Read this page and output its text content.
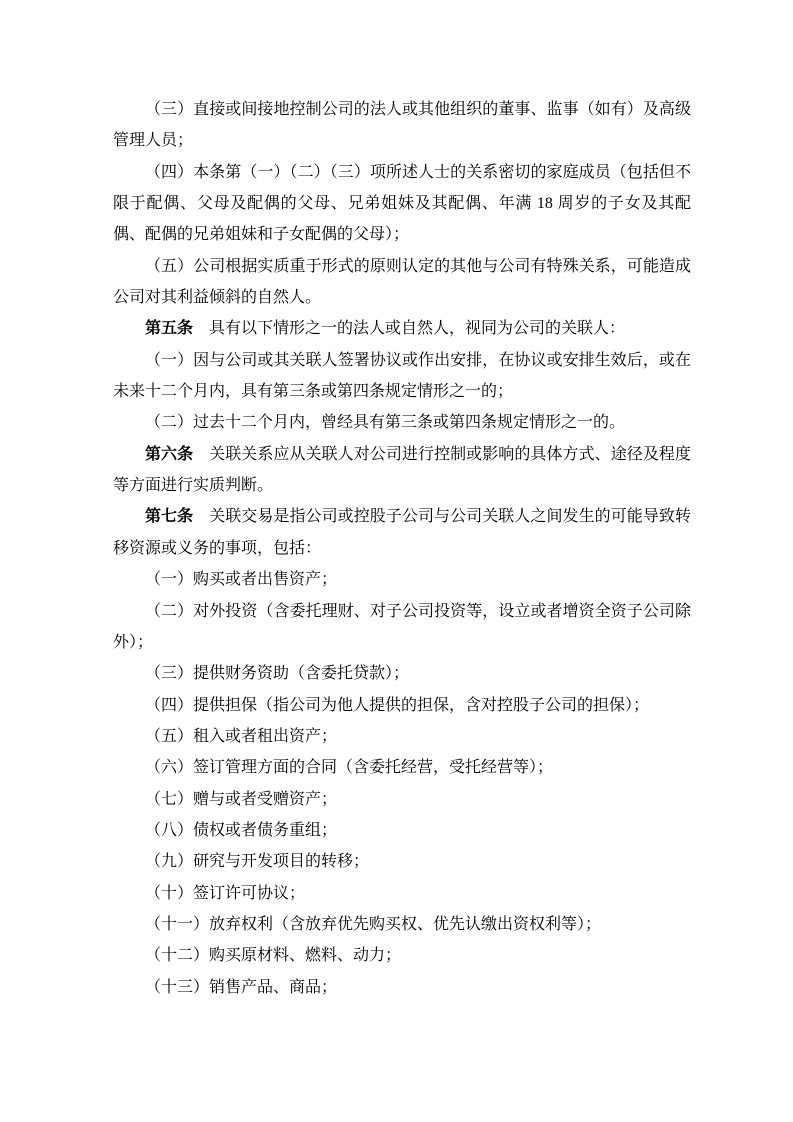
（三）直接或间接地控制公司的法人或其他组织的董事、监事（如有）及高级管理人员；

（四）本条第（一）（二）（三）项所述人士的关系密切的家庭成员（包括但不限于配偶、父母及配偶的父母、兄弟姐妹及其配偶、年满 18 周岁的子女及其配偶、配偶的兄弟姐妹和子女配偶的父母）；

（五）公司根据实质重于形式的原则认定的其他与公司有特殊关系，可能造成公司对其利益倾斜的自然人。

第五条 具有以下情形之一的法人或自然人，视同为公司的关联人：

（一）因与公司或其关联人签署协议或作出安排，在协议或安排生效后，或在未来十二个月内，具有第三条或第四条规定情形之一的；

（二）过去十二个月内，曾经具有第三条或第四条规定情形之一的。

第六条 关联关系应从关联人对公司进行控制或影响的具体方式、途径及程度等方面进行实质判断。

第七条 关联交易是指公司或控股子公司与公司关联人之间发生的可能导致转移资源或义务的事项，包括：

（一）购买或者出售资产；

（二）对外投资（含委托理财、对子公司投资等，设立或者增资全资子公司除外）；

（三）提供财务资助（含委托贷款）；

（四）提供担保（指公司为他人提供的担保，含对控股子公司的担保）；

（五）租入或者租出资产；

（六）签订管理方面的合同（含委托经营，受托经营等）；

（七）赠与或者受赠资产；

（八）债权或者债务重组；

（九）研究与开发项目的转移；

（十）签订许可协议；

（十一）放弃权利（含放弃优先购买权、优先认缴出资权利等）；

（十二）购买原材料、燃料、动力；

（十三）销售产品、商品；
